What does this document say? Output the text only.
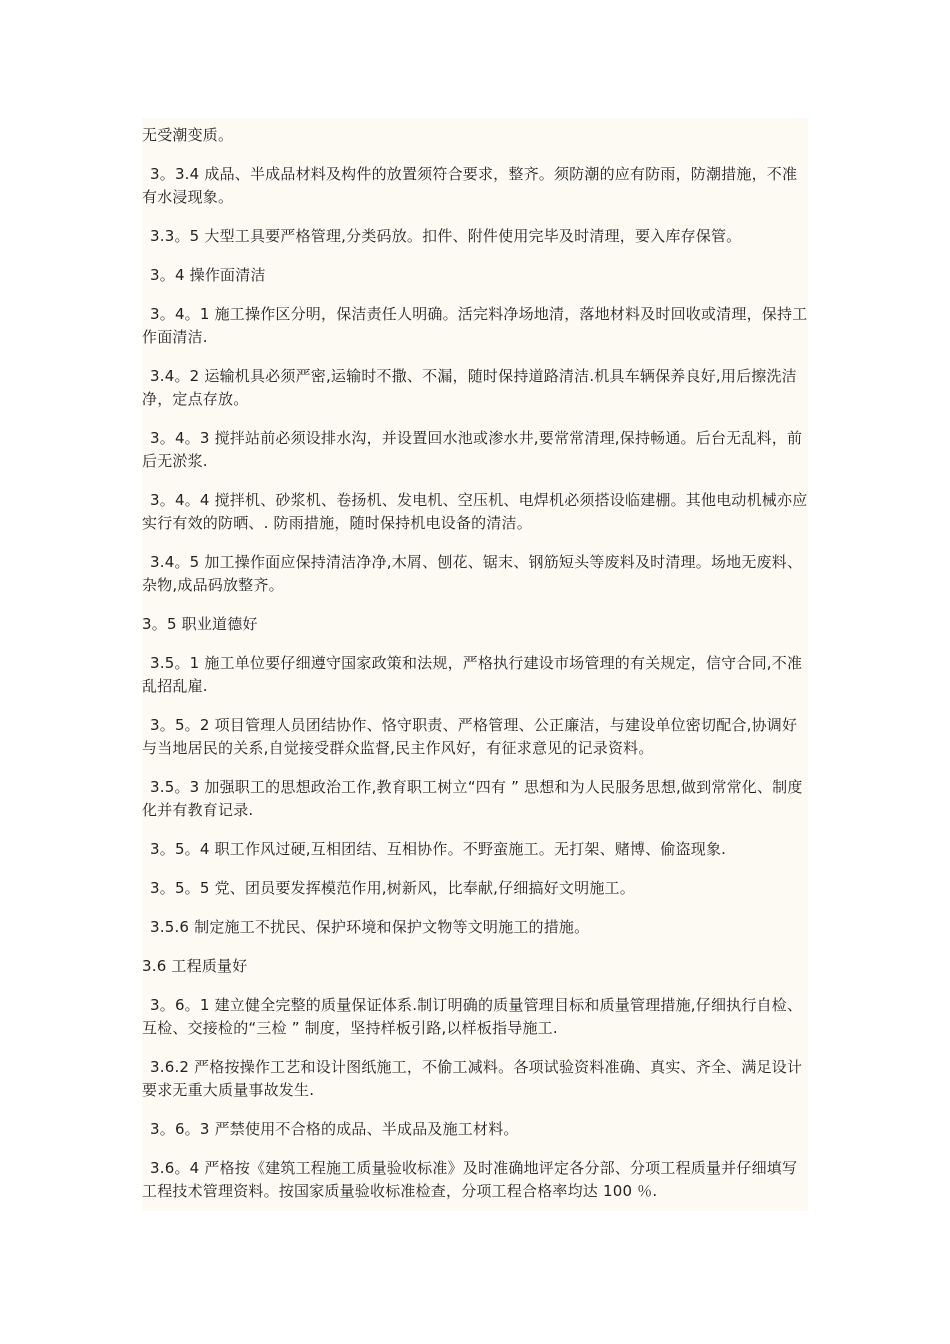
无受潮变质。

3。3.4 成品、半成品材料及构件的放置须符合要求，整齐。须防潮的应有防雨，防潮措施，不准有水浸现象。

3.3。5 大型工具要严格管理,分类码放。扣件、附件使用完毕及时清理，要入库存保管。

3。4 操作面清洁

3。4。1 施工操作区分明，保洁责任人明确。活完料净场地清，落地材料及时回收或清理，保持工作面清洁.

3.4。2 运输机具必须严密,运输时不撒、不漏，随时保持道路清洁.机具车辆保养良好,用后擦洗洁净，定点存放。

3。4。3 搅拌站前必须设排水沟，并设置回水池或渗水井,要常常清理,保持畅通。后台无乱料，前后无淤浆.

3。4。4 搅拌机、砂浆机、卷扬机、发电机、空压机、电焊机必须搭设临建棚。其他电动机械亦应实行有效的防晒、. 防雨措施，随时保持机电设备的清洁。

3.4。5 加工操作面应保持清洁净净,木屑、刨花、锯末、钢筋短头等废料及时清理。场地无废料、杂物,成品码放整齐。

3。5 职业道德好

3.5。1 施工单位要仔细遵守国家政策和法规，严格执行建设市场管理的有关规定，信守合同,不准乱招乱雇.

3。5。2 项目管理人员团结协作、恪守职责、严格管理、公正廉洁，与建设单位密切配合,协调好与当地居民的关系,自觉接受群众监督,民主作风好，有征求意见的记录资料。

3.5。3 加强职工的思想政治工作,教育职工树立“四有 ” 思想和为人民服务思想,做到常常化、制度化并有教育记录.

3。5。4 职工作风过硬,互相团结、互相协作。不野蛮施工。无打架、赌博、偷盗现象.

3。5。5 党、团员要发挥模范作用,树新风，比奉献,仔细搞好文明施工。

3.5.6 制定施工不扰民、保护环境和保护文物等文明施工的措施。

3.6 工程质量好

3。6。1 建立健全完整的质量保证体系.制订明确的质量管理目标和质量管理措施,仔细执行自检、互检、交接检的“三检 ” 制度，坚持样板引路,以样板指导施工.

3.6.2 严格按操作工艺和设计图纸施工，不偷工减料。各项试验资料准确、真实、齐全、满足设计要求无重大质量事故发生.

3。6。3 严禁使用不合格的成品、半成品及施工材料。

3.6。4 严格按《建筑工程施工质量验收标准》及时准确地评定各分部、分项工程质量并仔细填写工程技术管理资料。按国家质量验收标准检查，分项工程合格率均达 100 ％.
